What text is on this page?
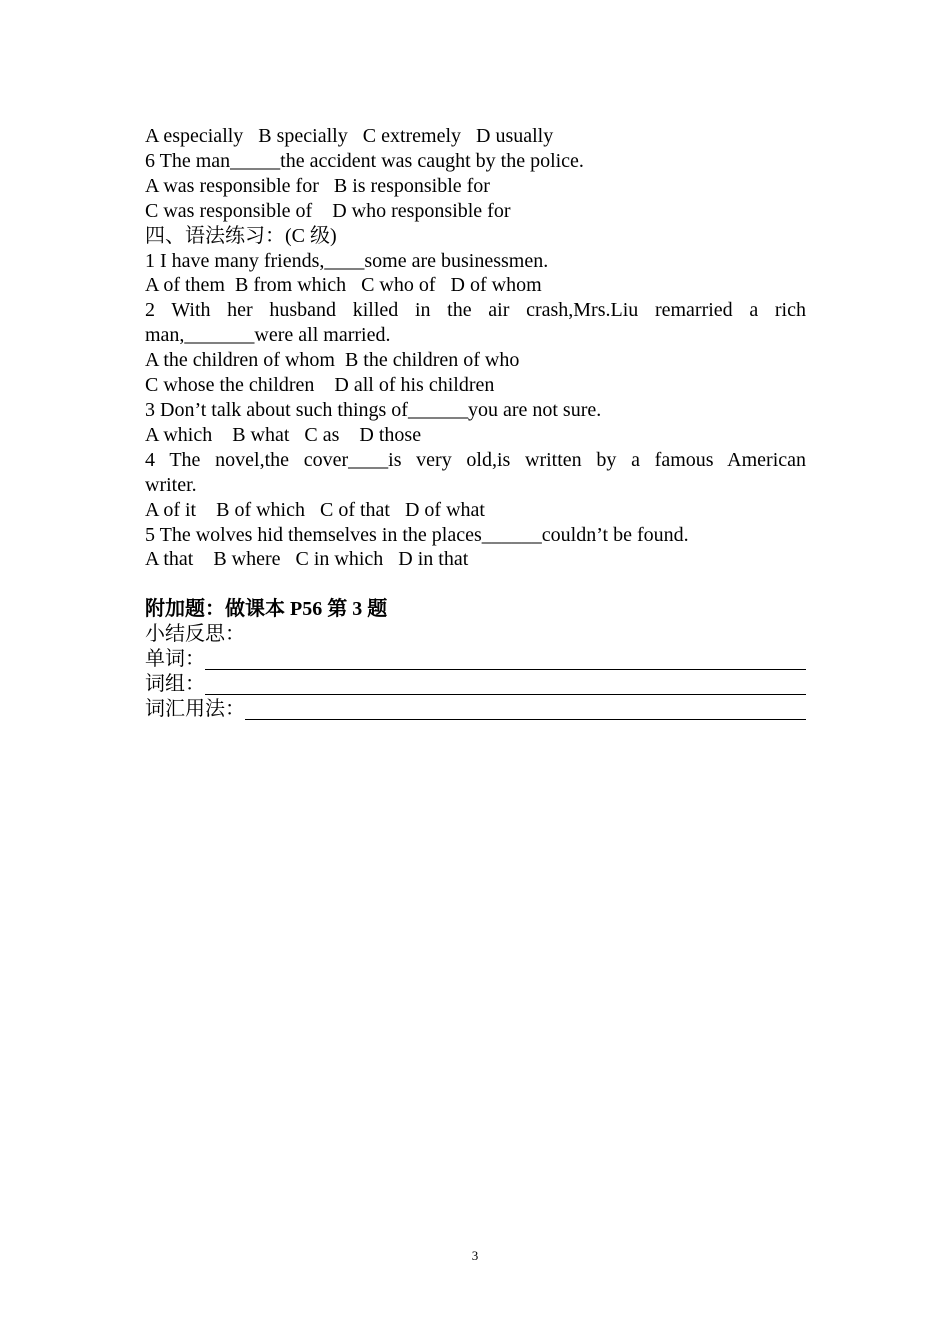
A especially   B specially   C extremely   D usually
6 The man_____the accident was caught by the police.
A was responsible for   B is responsible for
C was responsible of    D who responsible for
四、语法练习：(C 级)
1 I have many friends,____some are businessmen.
A of them  B from which   C who of   D of whom
2 With her husband killed in the air crash,Mrs.Liu remarried a rich
man,_______were all married.
A the children of whom  B the children of who
C whose the children    D all of his children
3 Don’t talk about such things of______you are not sure.
A which    B what   C as    D those
4 The novel,the cover____is very old,is written by a famous American
writer.
A of it    B of which   C of that   D of what
5 The wolves hid themselves in the places______couldn’t be found.
A that    B where   C in which   D in that
附加题：做课本 P56 第 3 题
小结反思：
单词：
词组：
词汇用法：
3
